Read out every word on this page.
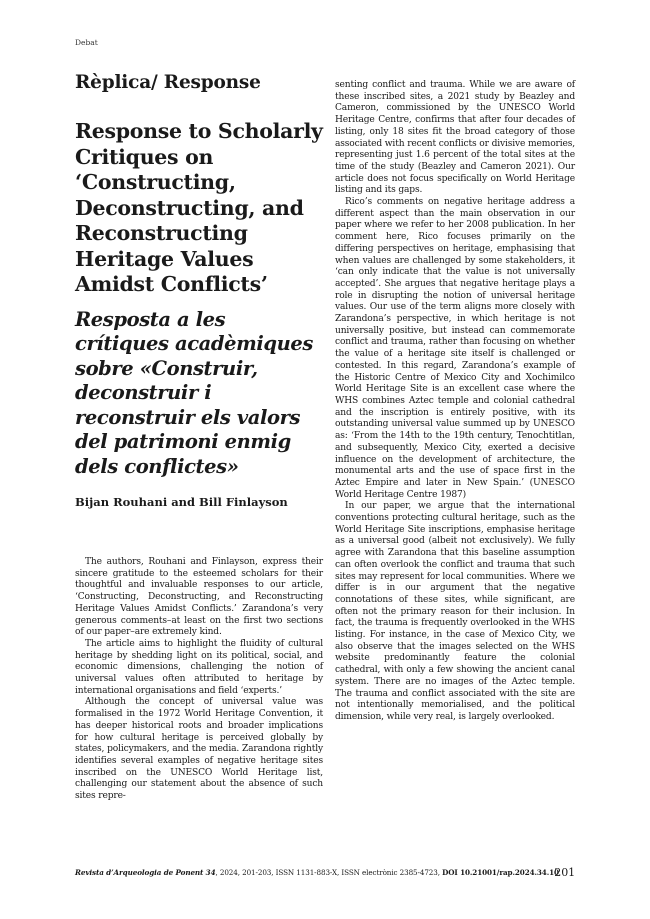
Debat
Rèplica/ Response
Response to Scholarly Critiques on ‘Constructing, Deconstructing, and Reconstructing Heritage Values Amidst Conflicts’
Resposta a les crítiques acadèmiques sobre «Construir, deconstruir i reconstruir els valors del patrimoni enmig dels conflictes»
Bijan Rouhani and Bill Finlayson

The authors, Rouhani and Finlayson, express their sincere gratitude to the esteemed scholars for their thoughtful and invaluable responses to our article, ‘Constructing, Deconstructing, and Reconstructing Heritage Values Amidst Conflicts.’ Zarandona’s very generous comments–at least on the first two sections of our paper–are extremely kind.

The article aims to highlight the fluidity of cultural heritage by shedding light on its political, social, and economic dimensions, challenging the notion of universal values often attributed to heritage by international organisations and field ‘experts.’

Although the concept of universal value was formalised in the 1972 World Heritage Convention, it has deeper historical roots and broader implications for how cultural heritage is perceived globally by states, policymakers, and the media. Zarandona rightly identifies several examples of negative heritage sites inscribed on the UNESCO World Heritage list, challenging our statement about the absence of such sites repre-

senting conflict and trauma. While we are aware of these inscribed sites, a 2021 study by Beazley and Cameron, commissioned by the UNESCO World Heritage Centre, confirms that after four decades of listing, only 18 sites fit the broad category of those associated with recent conflicts or divisive memories, representing just 1.6 percent of the total sites at the time of the study (Beazley and Cameron 2021). Our article does not focus specifically on World Heritage listing and its gaps.

Rico’s comments on negative heritage address a different aspect than the main observation in our paper where we refer to her 2008 publication. In her comment here, Rico focuses primarily on the differing perspectives on heritage, emphasising that when values are challenged by some stakeholders, it ‘can only indicate that the value is not universally accepted’. She argues that negative heritage plays a role in disrupting the notion of universal heritage values. Our use of the term aligns more closely with Zarandona’s perspective, in which heritage is not universally positive, but instead can commemorate conflict and trauma, rather than focusing on whether the value of a heritage site itself is challenged or contested. In this regard, Zarandona’s example of the Historic Centre of Mexico City and Xochimilco World Heritage Site is an excellent case where the WHS combines Aztec temple and colonial cathedral and the inscription is entirely positive, with its outstanding universal value summed up by UNESCO as: ‘From the 14th to the 19th century, Tenochtitlan, and subsequently, Mexico City, exerted a decisive influence on the development of architecture, the monumental arts and the use of space first in the Aztec Empire and later in New Spain.’ (UNESCO World Heritage Centre 1987)

In our paper, we argue that the international conventions protecting cultural heritage, such as the World Heritage Site inscriptions, emphasise heritage as a universal good (albeit not exclusively). We fully agree with Zarandona that this baseline assumption can often overlook the conflict and trauma that such sites may represent for local communities. Where we differ is in our argument that the negative connotations of these sites, while significant, are often not the primary reason for their inclusion. In fact, the trauma is frequently overlooked in the WHS listing. For instance, in the case of Mexico City, we also observe that the images selected on the WHS website predominantly feature the colonial cathedral, with only a few showing the ancient canal system. There are no images of the Aztec temple. The trauma and conflict associated with the site are not intentionally memorialised, and the political dimension, while very real, is largely overlooked.

Revista d’Arqueologia de Ponent 34, 2024, 201-203, ISSN 1131-883-X, ISSN electrònic 2385-4723, DOI 10.21001/rap.2024.34.10
201
